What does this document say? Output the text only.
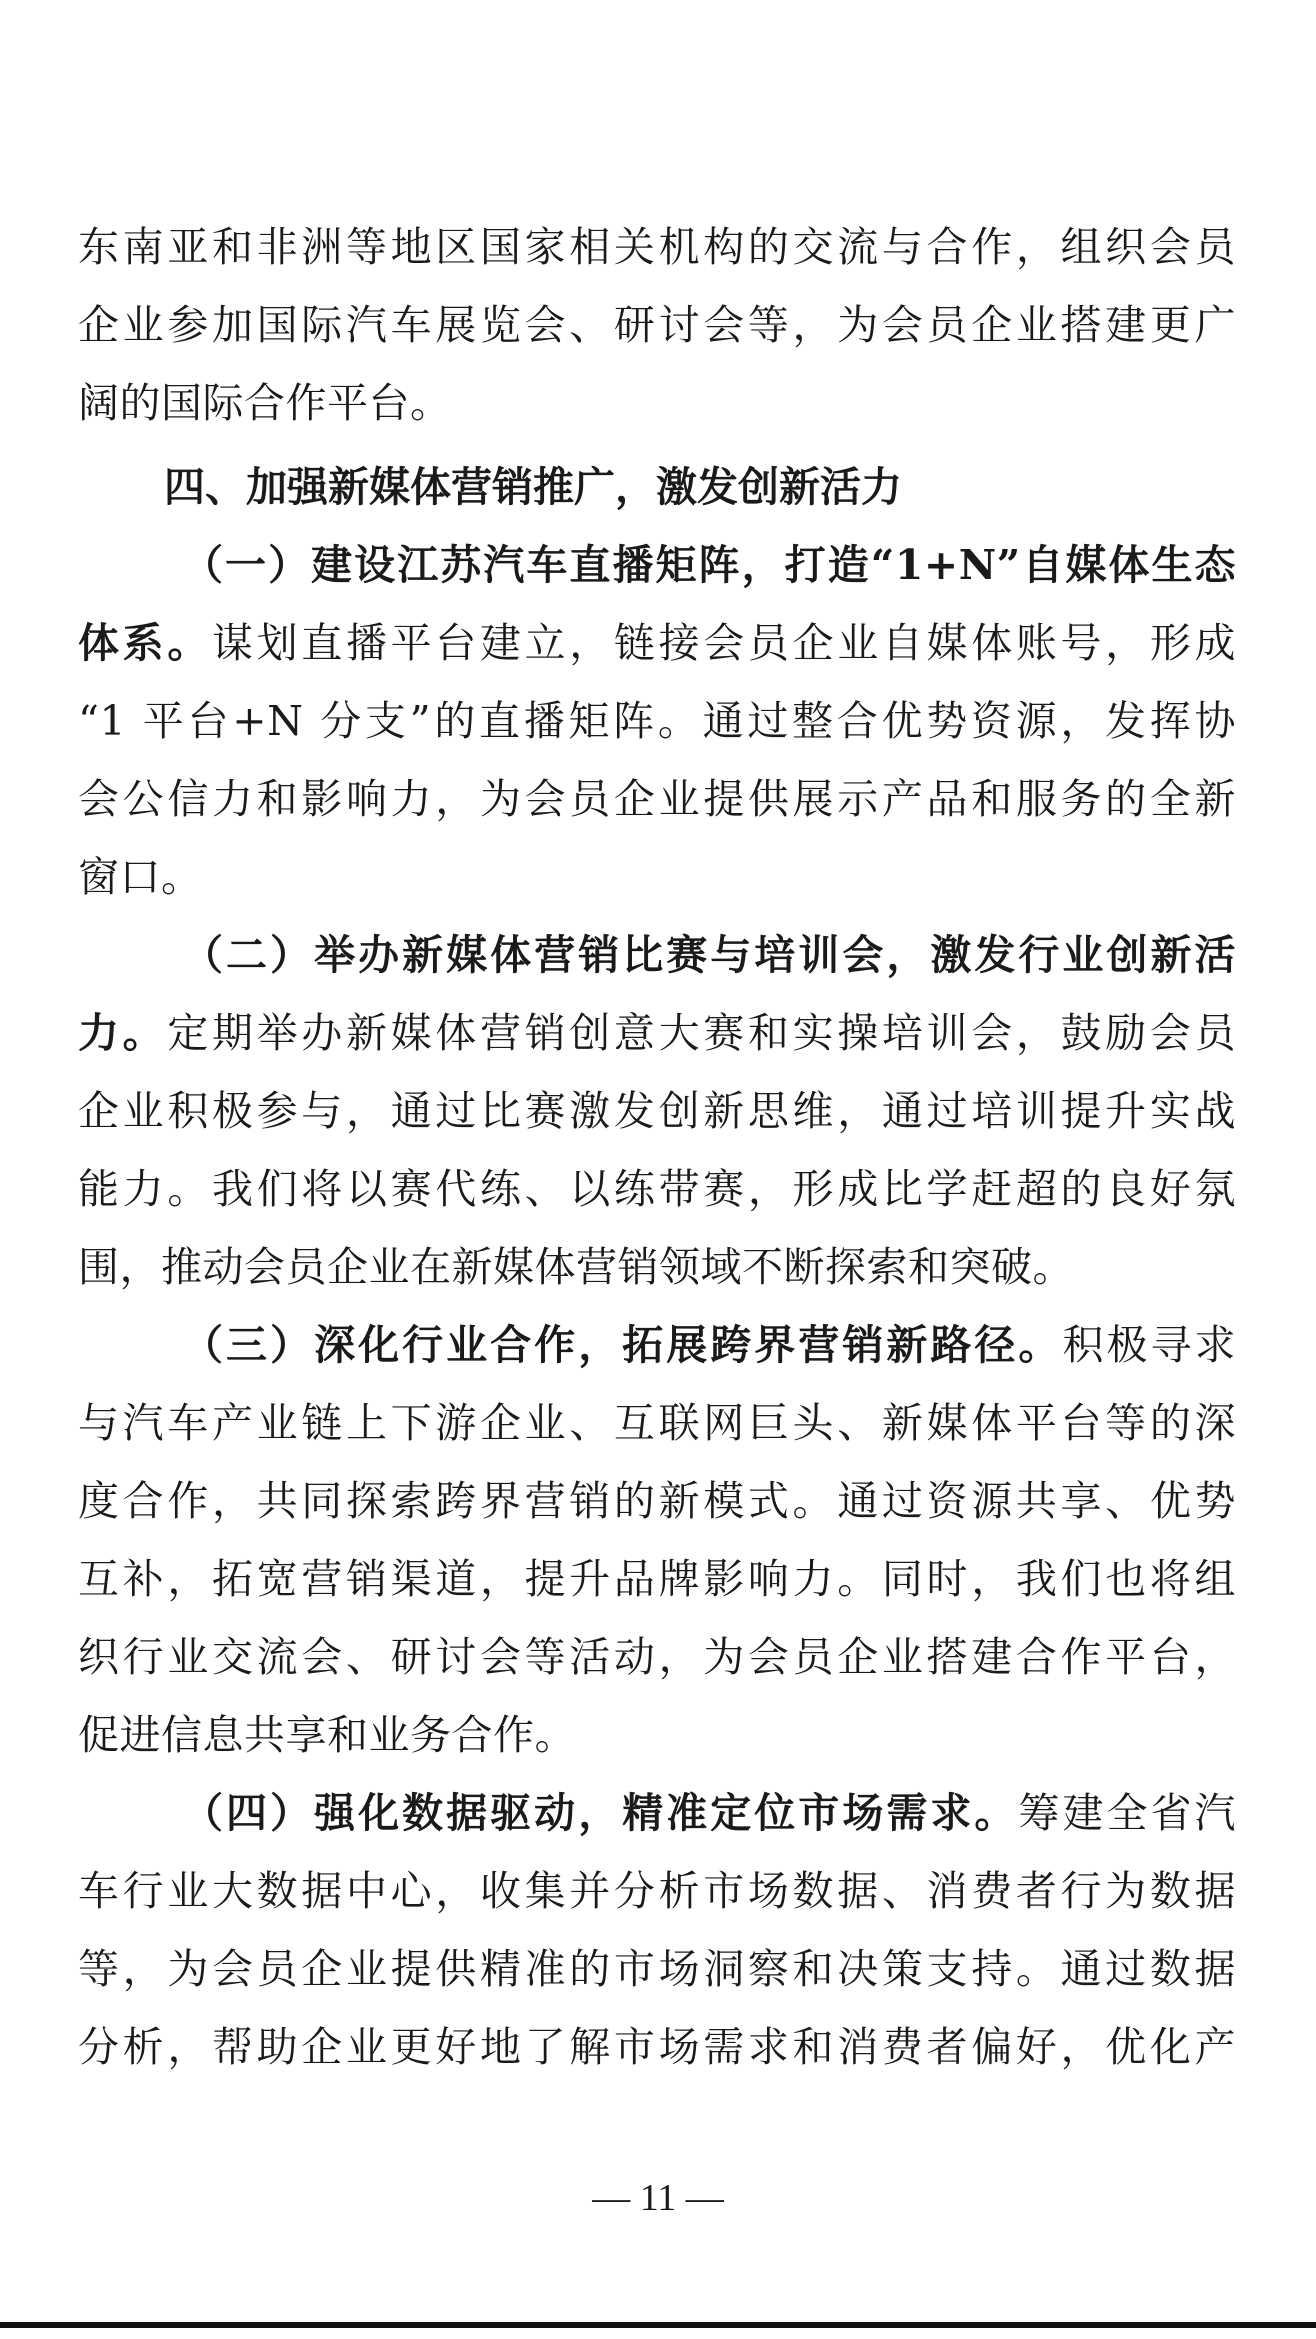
东南亚和非洲等地区国家相关机构的交流与合作，组织会员
企业参加国际汽车展览会、研讨会等，为会员企业搭建更广
阔的国际合作平台。
四、加强新媒体营销推广，激发创新活力
（一）建设江苏汽车直播矩阵，打造“1+N”自媒体生态
体系。谋划直播平台建立，链接会员企业自媒体账号，形成
“1 平台+N 分支”的直播矩阵。通过整合优势资源，发挥协
会公信力和影响力，为会员企业提供展示产品和服务的全新
窗口。
（二）举办新媒体营销比赛与培训会，激发行业创新活
力。定期举办新媒体营销创意大赛和实操培训会，鼓励会员
企业积极参与，通过比赛激发创新思维，通过培训提升实战
能力。我们将以赛代练、以练带赛，形成比学赶超的良好氛
围，推动会员企业在新媒体营销领域不断探索和突破。
（三）深化行业合作，拓展跨界营销新路径。积极寻求
与汽车产业链上下游企业、互联网巨头、新媒体平台等的深
度合作，共同探索跨界营销的新模式。通过资源共享、优势
互补，拓宽营销渠道，提升品牌影响力。同时，我们也将组
织行业交流会、研讨会等活动，为会员企业搭建合作平台，
促进信息共享和业务合作。
（四）强化数据驱动，精准定位市场需求。筹建全省汽
车行业大数据中心，收集并分析市场数据、消费者行为数据
等，为会员企业提供精准的市场洞察和决策支持。通过数据
分析，帮助企业更好地了解市场需求和消费者偏好，优化产
— 11 —
